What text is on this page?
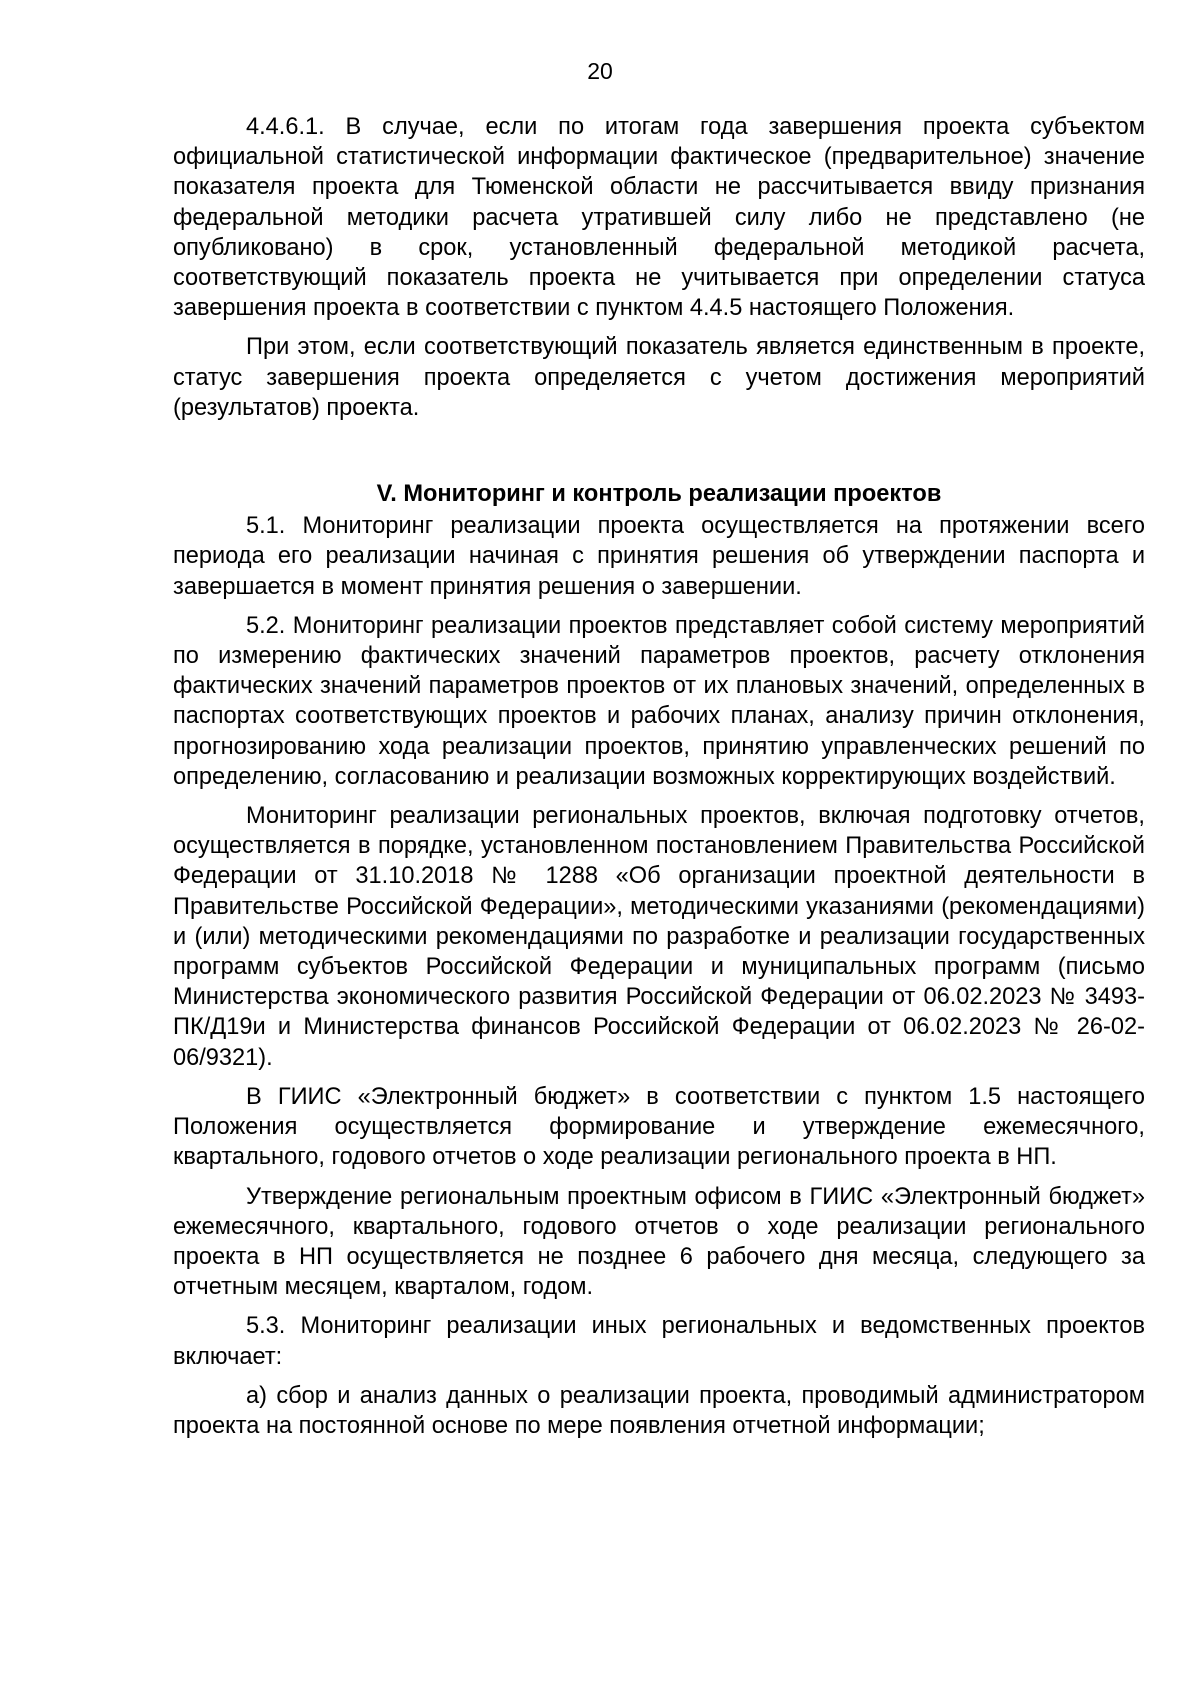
20

4.4.6.1. В случае, если по итогам года завершения проекта субъектом официальной статистической информации фактическое (предварительное) значение показателя проекта для Тюменской области не рассчитывается ввиду признания федеральной методики расчета утратившей силу либо не представлено (не опубликовано) в срок, установленный федеральной методикой расчета, соответствующий показатель проекта не учитывается при определении статуса завершения проекта в соответствии с пунктом 4.4.5 настоящего Положения.

При этом, если соответствующий показатель является единственным в проекте, статус завершения проекта определяется с учетом достижения мероприятий (результатов) проекта.

V. Мониторинг и контроль реализации проектов

5.1. Мониторинг реализации проекта осуществляется на протяжении всего периода его реализации начиная с принятия решения об утверждении паспорта и завершается в момент принятия решения о завершении.

5.2. Мониторинг реализации проектов представляет собой систему мероприятий по измерению фактических значений параметров проектов, расчету отклонения фактических значений параметров проектов от их плановых значений, определенных в паспортах соответствующих проектов и рабочих планах, анализу причин отклонения, прогнозированию хода реализации проектов, принятию управленческих решений по определению, согласованию и реализации возможных корректирующих воздействий.

Мониторинг реализации региональных проектов, включая подготовку отчетов, осуществляется в порядке, установленном постановлением Правительства Российской Федерации от 31.10.2018 № 1288 «Об организации проектной деятельности в Правительстве Российской Федерации», методическими указаниями (рекомендациями) и (или) методическими рекомендациями по разработке и реализации государственных программ субъектов Российской Федерации и муниципальных программ (письмо Министерства экономического развития Российской Федерации от 06.02.2023 № 3493-ПК/Д19и и Министерства финансов Российской Федерации от 06.02.2023 № 26-02-06/9321).

В ГИИС «Электронный бюджет» в соответствии с пунктом 1.5 настоящего Положения осуществляется формирование и утверждение ежемесячного, квартального, годового отчетов о ходе реализации регионального проекта в НП.

Утверждение региональным проектным офисом в ГИИС «Электронный бюджет» ежемесячного, квартального, годового отчетов о ходе реализации регионального проекта в НП осуществляется не позднее 6 рабочего дня месяца, следующего за отчетным месяцем, кварталом, годом.

5.3. Мониторинг реализации иных региональных и ведомственных проектов включает:

а) сбор и анализ данных о реализации проекта, проводимый администратором проекта на постоянной основе по мере появления отчетной информации;
